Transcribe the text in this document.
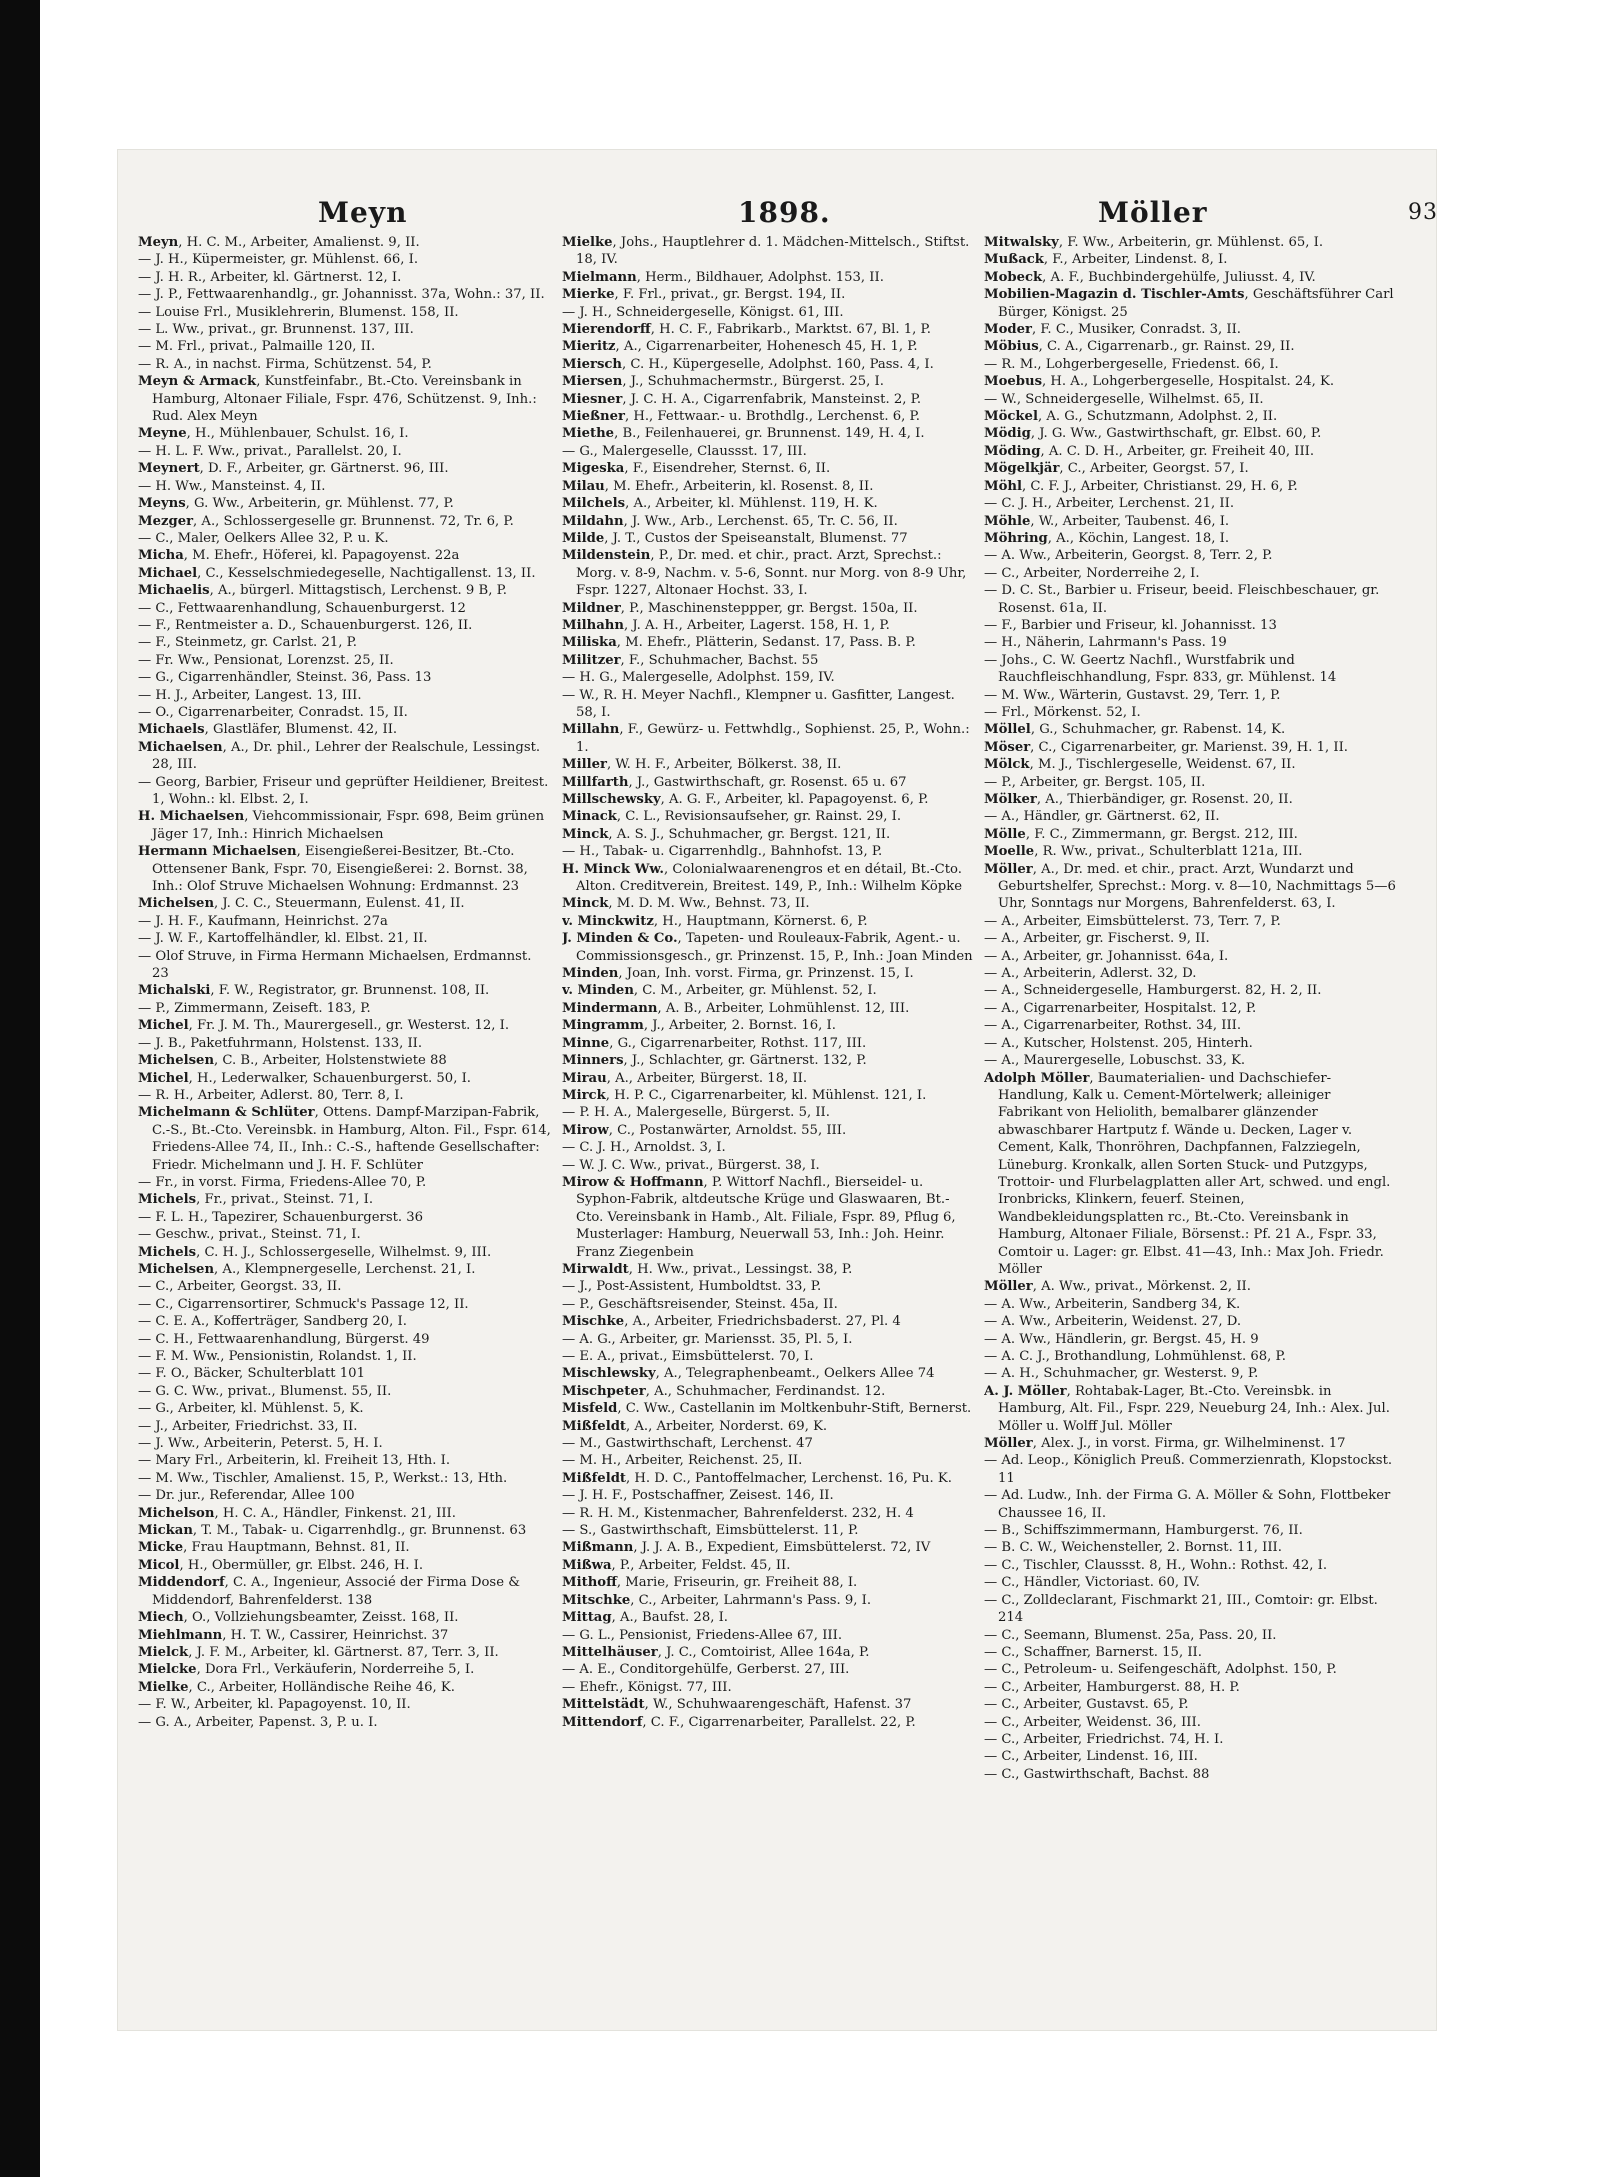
Meyn	1898.	Möller	93
Meyn, H. C. M., Arbeiter, Amalienst. 9, II.
— J. H., Küpermeister, gr. Mühlenst. 66, I.
— J. H. R., Arbeiter, kl. Gärtnerst. 12, I.
— J. P., Fettwaarenhandlg., gr. Johannisst. 37a, Wohn.: 37, II.
— Louise Frl., Musiklehrerin, Blumenst. 158, II.
— L. Ww., privat., gr. Brunnenst. 137, III.
— M. Frl., privat., Palmaille 120, II.
— R. A., in nachst. Firma, Schützenst. 54, P.
Meyn & Armack, Kunstfeinfabr., Bt.-Cto. Vereinsbank in Hamburg, Altonaer Filiale, Fspr. 476, Schützenst. 9, Inh.: Rud. Alex Meyn
Meyne, H., Mühlenbauer, Schulst. 16, I.
— H. L. F. Ww., privat., Parallelst. 20, I.
Meynert, D. F., Arbeiter, gr. Gärtnerst. 96, III.
— H. Ww., Mansteinst. 4, II.
Meyns, G. Ww., Arbeiterin, gr. Mühlenst. 77, P.
Mezger, A., Schlossergeselle gr. Brunnenst. 72, Tr. 6, P.
— C., Maler, Oelkers Allee 32, P. u. K.
Micha, M. Ehefr., Höferei, kl. Papagoyenst. 22a
Michael, C., Kesselschmiedegeselle, Nachtigallenst. 13, II.
Michaelis, A., bürgerl. Mittagstisch, Lerchenst. 9 B, P.
— C., Fettwaarenhandlung, Schauenburgerst. 12
— F., Rentmeister a. D., Schauenburgerst. 126, II.
— F., Steinmetz, gr. Carlst. 21, P.
— Fr. Ww., Pensionat, Lorenzst. 25, II.
— G., Cigarrenhändler, Steinst. 36, Pass. 13
— H. J., Arbeiter, Langest. 13, III.
— O., Cigarrenarbeiter, Conradst. 15, II.
Michaels, Glastläfer, Blumenst. 42, II.
Michaelsen, A., Dr. phil., Lehrer der Realschule, Lessingst. 28, III.
— Georg, Barbier, Friseur und geprüfter Heildiener, Breitest. 1, Wohn.: kl. Elbst. 2, I.
H. Michaelsen, Viehcommissionair, Fspr. 698, Beim grünen Jäger 17, Inh.: Hinrich Michaelsen
Hermann Michaelsen, Eisengießerei-Besitzer, Bt.-Cto. Ottensener Bank, Fspr. 70, Eisengießerei: 2. Bornst. 38, Inh.: Olof Struve Michaelsen Wohnung: Erdmannst. 23
Michelsen, J. C. C., Steuermann, Eulenst. 41, II.
— J. H. F., Kaufmann, Heinrichst. 27a
— J. W. F., Kartoffelhändler, kl. Elbst. 21, II.
— Olof Struve, in Firma Hermann Michaelsen, Erdmannst. 23
Michalski, F. W., Registrator, gr. Brunnenst. 108, II.
— P., Zimmermann, Zeiseft. 183, P.
Michel, Fr. J. M. Th., Maurergesell., gr. Westerst. 12, I.
— J. B., Paketfuhrmann, Holstenst. 133, II.
Michelsen, C. B., Arbeiter, Holstenstwiete 88
Michel, H., Lederwalker, Schauenburgerst. 50, I.
— R. H., Arbeiter, Adlerst. 80, Terr. 8, I.
Michelmann & Schlüter, Ottens. Dampf-Marzipan-Fabrik, C.-S., Bt.-Cto. Vereinsbk. in Hamburg, Alton. Fil., Fspr. 614, Friedens-Allee 74, II., Inh.: C.-S., haftende Gesellschafter: Friedr. Michelmann und J. H. F. Schlüter
— Fr., in vorst. Firma, Friedens-Allee 70, P.
Michels, Fr., privat., Steinst. 71, I.
— F. L. H., Tapezirer, Schauenburgerst. 36
— Geschw., privat., Steinst. 71, I.
Michels, C. H. J., Schlossergeselle, Wilhelmst. 9, III.
Michelsen, A., Klempnergeselle, Lerchenst. 21, I.
— C., Arbeiter, Georgst. 33, II.
— C., Cigarrensortirer, Schmuck's Passage 12, II.
— C. E. A., Kofferträger, Sandberg 20, I.
— C. H., Fettwaarenhandlung, Bürgerst. 49
— F. M. Ww., Pensionistin, Rolandst. 1, II.
— F. O., Bäcker, Schulterblatt 101
— G. C. Ww., privat., Blumenst. 55, II.
— G., Arbeiter, kl. Mühlenst. 5, K.
— J., Arbeiter, Friedrichst. 33, II.
— J. Ww., Arbeiterin, Peterst. 5, H. I.
— Mary Frl., Arbeiterin, kl. Freiheit 13, Hth. I.
— M. Ww., Tischler, Amalienst. 15, P., Werkst.: 13, Hth.
— Dr. jur., Referendar, Allee 100
Michelson, H. C. A., Händler, Finkenst. 21, III.
Mickan, T. M., Tabak- u. Cigarrenhdlg., gr. Brunnenst. 63
Micke, Frau Hauptmann, Behnst. 81, II.
Micol, H., Obermüller, gr. Elbst. 246, H. I.
Middendorf, C. A., Ingenieur, Associé der Firma Dose & Middendorf, Bahrenfelderst. 138
Miech, O., Vollziehungsbeamter, Zeisst. 168, II.
Miehlmann, H. T. W., Cassirer, Heinrichst. 37
Mielck, J. F. M., Arbeiter, kl. Gärtnerst. 87, Terr. 3, II.
Mielcke, Dora Frl., Verkäuferin, Norderreihe 5, I.
Mielke, C., Arbeiter, Holländische Reihe 46, K.
— F. W., Arbeiter, kl. Papagoyenst. 10, II.
— G. A., Arbeiter, Papenst. 3, P. u. I.
Mielke, Johs., Hauptlehrer d. 1. Mädchen-Mittelsch., Stiftst. 18, IV.
Mielmann, Herm., Bildhauer, Adolphst. 153, II.
Mierke, F. Frl., privat., gr. Bergst. 194, II.
— J. H., Schneidergeselle, Königst. 61, III.
Mierendorff, H. C. F., Fabrikarb., Marktst. 67, Bl. 1, P.
Mieritz, A., Cigarrenarbeiter, Hohenesch 45, H. 1, P.
Miersch, C. H., Küpergeselle, Adolphst. 160, Pass. 4, I.
Miersen, J., Schuhmachermstr., Bürgerst. 25, I.
Miesner, J. C. H. A., Cigarrenfabrik, Mansteinst. 2, P.
Mießner, H., Fettwaar.- u. Brothdlg., Lerchenst. 6, P.
Miethe, B., Feilenhauerei, gr. Brunnenst. 149, H. 4, I.
— G., Malergeselle, Claussst. 17, III.
Migeska, F., Eisendreher, Sternst. 6, II.
Milau, M. Ehefr., Arbeiterin, kl. Rosenst. 8, II.
Milchels, A., Arbeiter, kl. Mühlenst. 119, H. K.
Mildahn, J. Ww., Arb., Lerchenst. 65, Tr. C. 56, II.
Milde, J. T., Custos der Speiseanstalt, Blumenst. 77
Mildenstein, P., Dr. med. et chir., pract. Arzt, Sprechst.: Morg. v. 8-9, Nachm. v. 5-6, Sonnt. nur Morg. von 8-9 Uhr, Fspr. 1227, Altonaer Hochst. 33, I.
Mildner, P., Maschinensteppper, gr. Bergst. 150a, II.
Milhahn, J. A. H., Arbeiter, Lagerst. 158, H. 1, P.
Miliska, M. Ehefr., Plätterin, Sedanst. 17, Pass. B. P.
Militzer, F., Schuhmacher, Bachst. 55
— H. G., Malergeselle, Adolphst. 159, IV.
— W., R. H. Meyer Nachfl., Klempner u. Gasfitter, Langest. 58, I.
Millahn, F., Gewürz- u. Fettwhdlg., Sophienst. 25, P., Wohn.: 1.
Miller, W. H. F., Arbeiter, Bölkerst. 38, II.
Millfarth, J., Gastwirthschaft, gr. Rosenst. 65 u. 67
Millschewsky, A. G. F., Arbeiter, kl. Papagoyenst. 6, P.
Minack, C. L., Revisionsaufseher, gr. Rainst. 29, I.
Minck, A. S. J., Schuhmacher, gr. Bergst. 121, II.
— H., Tabak- u. Cigarrenhdlg., Bahnhofst. 13, P.
H. Minck Ww., Colonialwaarenengros et en détail, Bt.-Cto. Alton. Creditverein, Breitest. 149, P., Inh.: Wilhelm Köpke
Minck, M. D. M. Ww., Behnst. 73, II.
v. Minckwitz, H., Hauptmann, Körnerst. 6, P.
J. Minden & Co., Tapeten- und Rouleaux-Fabrik, Agent.- u. Commissionsgesch., gr. Prinzenst. 15, P., Inh.: Joan Minden
Minden, Joan, Inh. vorst. Firma, gr. Prinzenst. 15, I.
v. Minden, C. M., Arbeiter, gr. Mühlenst. 52, I.
Mindermann, A. B., Arbeiter, Lohmühlenst. 12, III.
Mingramm, J., Arbeiter, 2. Bornst. 16, I.
Minne, G., Cigarrenarbeiter, Rothst. 117, III.
Minners, J., Schlachter, gr. Gärtnerst. 132, P.
Mirau, A., Arbeiter, Bürgerst. 18, II.
Mirck, H. P. C., Cigarrenarbeiter, kl. Mühlenst. 121, I.
— P. H. A., Malergeselle, Bürgerst. 5, II.
Mirow, C., Postanwärter, Arnoldst. 55, III.
— C. J. H., Arnoldst. 3, I.
— W. J. C. Ww., privat., Bürgerst. 38, I.
Mirow & Hoffmann, P. Wittorf Nachfl., Bierseidel- u. Syphon-Fabrik, altdeutsche Krüge und Glaswaaren, Bt.-Cto. Vereinsbank in Hamb., Alt. Filiale, Fspr. 89, Pflug 6, Musterlager: Hamburg, Neuerwall 53, Inh.: Joh. Heinr. Franz Ziegenbein
Mirwaldt, H. Ww., privat., Lessingst. 38, P.
— J., Post-Assistent, Humboldtst. 33, P.
— P., Geschäftsreisender, Steinst. 45a, II.
Mischke, A., Arbeiter, Friedrichsbaderst. 27, Pl. 4
— A. G., Arbeiter, gr. Mariensst. 35, Pl. 5, I.
— E. A., privat., Eimsbüttelerst. 70, I.
Mischlewsky, A., Telegraphenbeamt., Oelkers Allee 74
Mischpeter, A., Schuhmacher, Ferdinandst. 12.
Misfeld, C. Ww., Castellanin im Moltkenbuhr-Stift, Bernerst.
Mißfeldt, A., Arbeiter, Norderst. 69, K.
— M., Gastwirthschaft, Lerchenst. 47
— M. H., Arbeiter, Reichenst. 25, II.
Mißfeldt, H. D. C., Pantoffelmacher, Lerchenst. 16, Pu. K.
— J. H. F., Postschaffner, Zeisest. 146, II.
— R. H. M., Kistenmacher, Bahrenfelderst. 232, H. 4
— S., Gastwirthschaft, Eimsbüttelerst. 11, P.
Mißmann, J. J. A. B., Expedient, Eimsbüttelerst. 72, IV
Mißwa, P., Arbeiter, Feldst. 45, II.
Mithoff, Marie, Friseurin, gr. Freiheit 88, I.
Mitschke, C., Arbeiter, Lahrmann's Pass. 9, I.
Mittag, A., Baufst. 28, I.
— G. L., Pensionist, Friedens-Allee 67, III.
Mittelhäuser, J. C., Comtoirist, Allee 164a, P.
— A. E., Conditorgehülfe, Gerberst. 27, III.
— Ehefr., Königst. 77, III.
Mittelstädt, W., Schuhwaarengeschäft, Hafenst. 37
Mittendorf, C. F., Cigarrenarbeiter, Parallelst. 22, P.
Mitwalsky, F. Ww., Arbeiterin, gr. Mühlenst. 65, I.
Mußack, F., Arbeiter, Lindenst. 8, I.
Mobeck, A. F., Buchbindergehülfe, Juliusst. 4, IV.
Mobilien-Magazin d. Tischler-Amts, Geschäftsführer Carl Bürger, Königst. 25
Moder, F. C., Musiker, Conradst. 3, II.
Möbius, C. A., Cigarrenarb., gr. Rainst. 29, II.
— R. M., Lohgerbergeselle, Friedenst. 66, I.
Moebus, H. A., Lohgerbergeselle, Hospitalst. 24, K.
— W., Schneidergeselle, Wilhelmst. 65, II.
Möckel, A. G., Schutzmann, Adolphst. 2, II.
Mödig, J. G. Ww., Gastwirthschaft, gr. Elbst. 60, P.
Möding, A. C. D. H., Arbeiter, gr. Freiheit 40, III.
Mögelkjär, C., Arbeiter, Georgst. 57, I.
Möhl, C. F. J., Arbeiter, Christianst. 29, H. 6, P.
— C. J. H., Arbeiter, Lerchenst. 21, II.
Möhle, W., Arbeiter, Taubenst. 46, I.
Möhring, A., Köchin, Langest. 18, I.
— A. Ww., Arbeiterin, Georgst. 8, Terr. 2, P.
— C., Arbeiter, Norderreihe 2, I.
— D. C. St., Barbier u. Friseur, beeid. Fleischbeschauer, gr. Rosenst. 61a, II.
— F., Barbier und Friseur, kl. Johannisst. 13
— H., Näherin, Lahrmann's Pass. 19
— Johs., C. W. Geertz Nachfl., Wurstfabrik und Rauchfleischhandlung, Fspr. 833, gr. Mühlenst. 14
— M. Ww., Wärterin, Gustavst. 29, Terr. 1, P.
— Frl., Mörkenst. 52, I.
Möllel, G., Schuhmacher, gr. Rabenst. 14, K.
Möser, C., Cigarrenarbeiter, gr. Marienst. 39, H. 1, II.
Mölck, M. J., Tischlergeselle, Weidenst. 67, II.
— P., Arbeiter, gr. Bergst. 105, II.
Mölker, A., Thierbändiger, gr. Rosenst. 20, II.
— A., Händler, gr. Gärtnerst. 62, II.
Mölle, F. C., Zimmermann, gr. Bergst. 212, III.
Moelle, R. Ww., privat., Schulterblatt 121a, III.
Möller, A., Dr. med. et chir., pract. Arzt, Wundarzt und Geburtshelfer, Sprechst.: Morg. v. 8—10, Nachmittags 5—6 Uhr, Sonntags nur Morgens, Bahrenfelderst. 63, I.
— A., Arbeiter, Eimsbüttelerst. 73, Terr. 7, P.
— A., Arbeiter, gr. Fischerst. 9, II.
— A., Arbeiter, gr. Johannisst. 64a, I.
— A., Arbeiterin, Adlerst. 32, D.
— A., Schneidergeselle, Hamburgerst. 82, H. 2, II.
— A., Cigarrenarbeiter, Hospitalst. 12, P.
— A., Cigarrenarbeiter, Rothst. 34, III.
— A., Kutscher, Holstenst. 205, Hinterh.
— A., Maurergeselle, Lobuschst. 33, K.
Adolph Möller, Baumaterialien- und Dachschiefer-Handlung, Kalk u. Cement-Mörtelwerk; alleiniger Fabrikant von Heliolith, bemalbarer glänzender abwaschbarer Hartputz f. Wände u. Decken, Lager v. Cement, Kalk, Thonröhren, Dachpfannen, Falzziegeln, Lüneburg. Kronkalk, allen Sorten Stuck- und Putzgyps, Trottoir- und Flurbelagplatten aller Art, schwed. und engl. Ironbricks, Klinkern, feuerf. Steinen, Wandbekleidungsplatten rc., Bt.-Cto. Vereinsbank in Hamburg, Altonaer Filiale, Börsenst.: Pf. 21 A., Fspr. 33, Comtoir u. Lager: gr. Elbst. 41—43, Inh.: Max Joh. Friedr. Möller
Möller, A. Ww., privat., Mörkenst. 2, II.
— A. Ww., Arbeiterin, Sandberg 34, K.
— A. Ww., Arbeiterin, Weidenst. 27, D.
— A. Ww., Händlerin, gr. Bergst. 45, H. 9
— A. C. J., Brothandlung, Lohmühlenst. 68, P.
— A. H., Schuhmacher, gr. Westerst. 9, P.
A. J. Möller, Rohtabak-Lager, Bt.-Cto. Vereinsbk. in Hamburg, Alt. Fil., Fspr. 229, Neueburg 24, Inh.: Alex. Jul. Möller u. Wolff Jul. Möller
Möller, Alex. J., in vorst. Firma, gr. Wilhelminenst. 17
— Ad. Leop., Königlich Preuß. Commerzienrath, Klopstockst. 11
— Ad. Ludw., Inh. der Firma G. A. Möller & Sohn, Flottbeker Chaussee 16, II.
— B., Schiffszimmermann, Hamburgerst. 76, II.
— B. C. W., Weichensteller, 2. Bornst. 11, III.
— C., Tischler, Claussst. 8, H., Wohn.: Rothst. 42, I.
— C., Händler, Victoriast. 60, IV.
— C., Zolldeclarant, Fischmarkt 21, III., Comtoir: gr. Elbst. 214
— C., Seemann, Blumenst. 25a, Pass. 20, II.
— C., Schaffner, Barnerst. 15, II.
— C., Petroleum- u. Seifengeschäft, Adolphst. 150, P.
— C., Arbeiter, Hamburgerst. 88, H. P.
— C., Arbeiter, Gustavst. 65, P.
— C., Arbeiter, Weidenst. 36, III.
— C., Arbeiter, Friedrichst. 74, H. I.
— C., Arbeiter, Lindenst. 16, III.
— C., Gastwirthschaft, Bachst. 88
